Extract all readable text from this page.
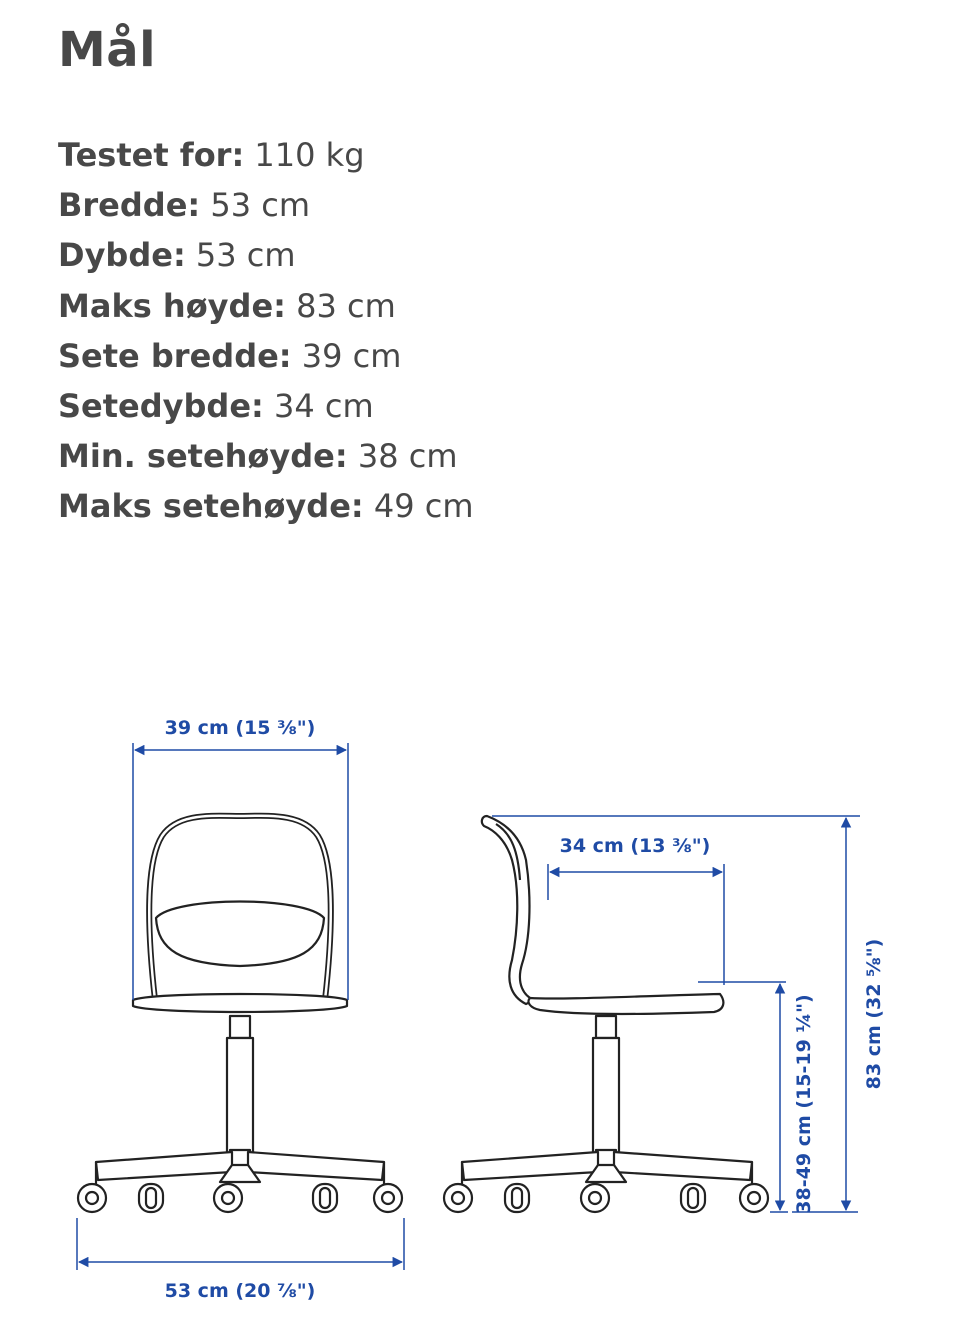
Mål
Testet for: 110 kg
Bredde: 53 cm
Dybde: 53 cm
Maks høyde: 83 cm
Sete bredde: 39 cm
Setedybde: 34 cm
Min. setehøyde: 38 cm
Maks setehøyde: 49 cm
39 cm (15 ⅜")
53 cm (20 ⅞")
34 cm (13 ⅜")
38-49 cm (15-19 ¼")	83 cm (32 ⅝")
